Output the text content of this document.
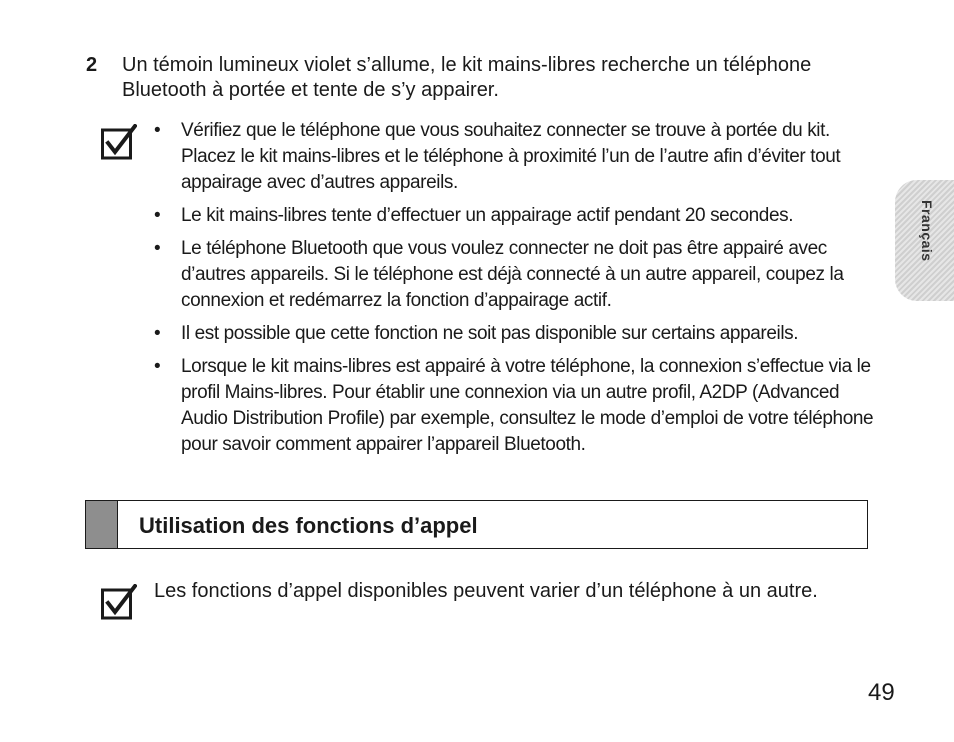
2 Un témoin lumineux violet s’allume, le kit mains-libres recherche un téléphone Bluetooth à portée et tente de s’y appairer.
• Vérifiez que le téléphone que vous souhaitez connecter se trouve à portée du kit. Placez le kit mains-libres et le téléphone à proximité l’un de l’autre afin d’éviter tout appairage avec d’autres appareils.
• Le kit mains-libres tente d’effectuer un appairage actif pendant 20 secondes.
• Le téléphone Bluetooth que vous voulez connecter ne doit pas être appairé avec d’autres appareils. Si le téléphone est déjà connecté à un autre appareil, coupez la connexion et redémarrez la fonction d’appairage actif.
• Il est possible que cette fonction ne soit pas disponible sur certains appareils.
• Lorsque le kit mains-libres est appairé à votre téléphone, la connexion s’effectue via le profil Mains-libres. Pour établir une connexion via un autre profil, A2DP (Advanced Audio Distribution Profile) par exemple, consultez le mode d’emploi de votre téléphone pour savoir comment appairer l’appareil Bluetooth.
Utilisation des fonctions d’appel
Les fonctions d’appel disponibles peuvent varier d’un téléphone à un autre.
Français
49
